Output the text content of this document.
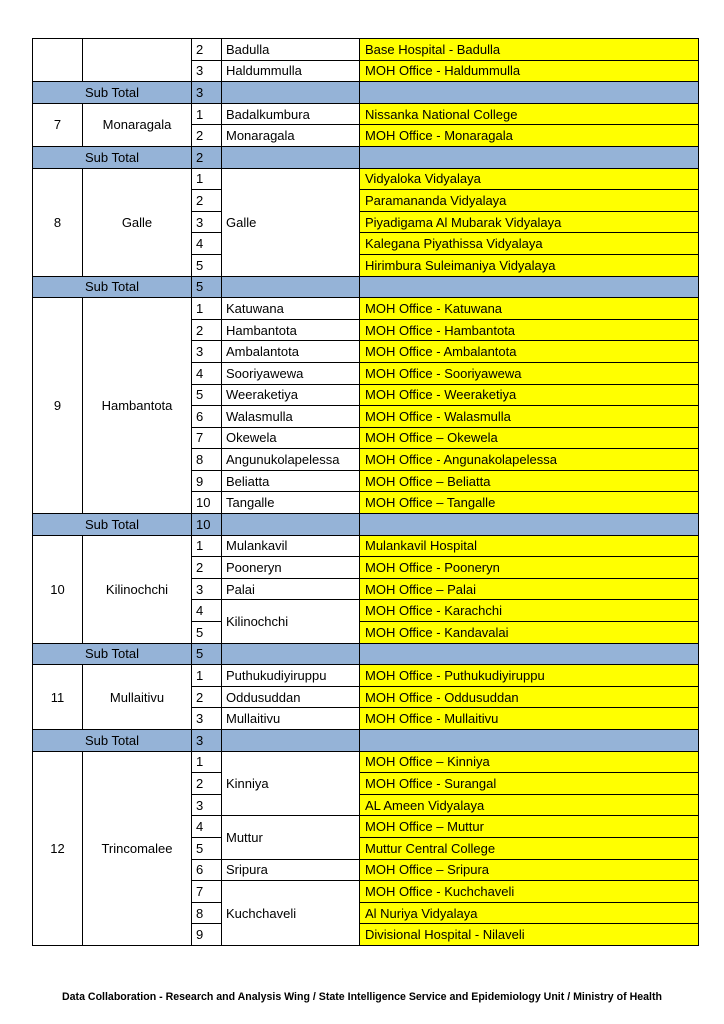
		2	Badulla	Base Hospital - Badulla
		3	Haldummulla	MOH Office - Haldummulla
Sub Total		3		
7	Monaragala	1	Badalkumbura	Nissanka National College
		2	Monaragala	MOH Office - Monaragala
Sub Total		2		
8	Galle	1	Galle	Vidyaloka Vidyalaya
		2		Paramananda Vidyalaya
		3		Piyadigama Al Mubarak Vidyalaya
		4		Kalegana Piyathissa Vidyalaya
		5		Hirimbura Suleimaniya Vidyalaya
Sub Total		5		
9	Hambantota	1	Katuwana	MOH Office - Katuwana
		2	Hambantota	MOH Office - Hambantota
		3	Ambalantota	MOH Office - Ambalantota
		4	Sooriyawewa	MOH Office - Sooriyawewa
		5	Weeraketiya	MOH Office - Weeraketiya
		6	Walasmulla	MOH Office - Walasmulla
		7	Okewela	MOH Office – Okewela
		8	Angunukolapelessa	MOH Office - Angunakolapelessa
		9	Beliatta	MOH Office – Beliatta
		10	Tangalle	MOH Office – Tangalle
Sub Total		10		
10	Kilinochchi	1	Mulankavil	Mulankavil Hospital
		2	Pooneryn	MOH Office - Pooneryn
		3	Palai	MOH Office – Palai
		4	Kilinochchi	MOH Office - Karachchi
		5		MOH Office - Kandavalai
Sub Total		5		
11	Mullaitivu	1	Puthukudiyiruppu	MOH Office - Puthukudiyiruppu
		2	Oddusuddan	MOH Office - Oddusuddan
		3	Mullaitivu	MOH Office - Mullaitivu
Sub Total		3		
12	Trincomalee	1	Kinniya	MOH Office – Kinniya
		2		MOH Office - Surangal
		3		AL Ameen Vidyalaya
		4	Muttur	MOH Office – Muttur
		5		Muttur Central College
		6	Sripura	MOH Office – Sripura
		7	Kuchchaveli	MOH Office - Kuchchaveli
		8		Al Nuriya Vidyalaya
		9		Divisional Hospital - Nilaveli
Data Collaboration - Research and Analysis Wing / State Intelligence Service and Epidemiology Unit / Ministry of Health
